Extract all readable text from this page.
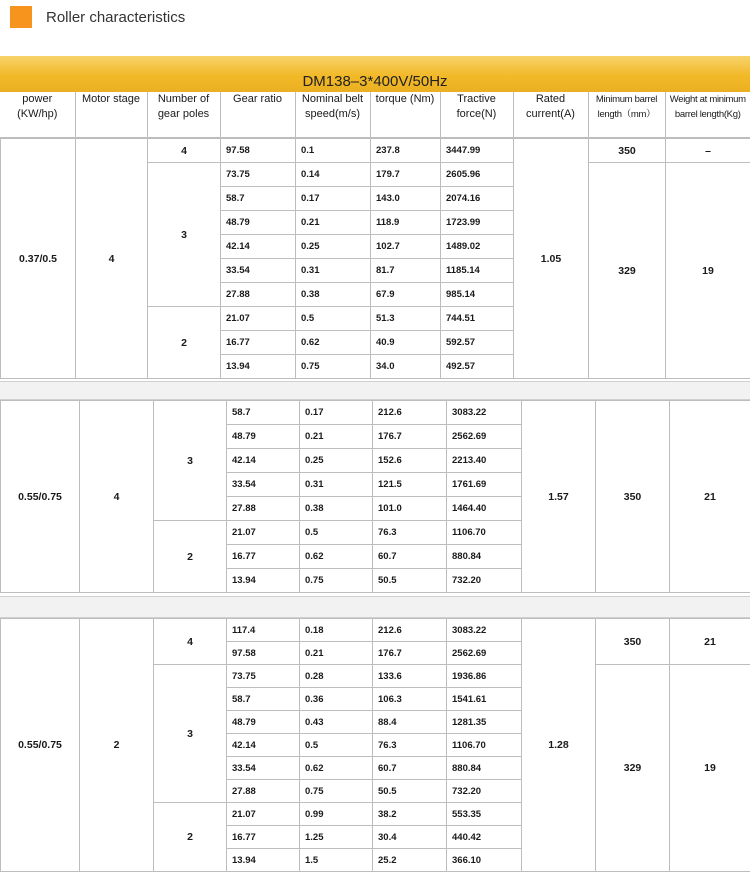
Roller characteristics
DM138–3*400V/50Hz
power (KW/hp)	Motor stage	Number of gear poles	Gear ratio	Nominal belt speed(m/s)	torque (Nm)	Tractive force(N)	Rated current(A)	Minimum barrel length（mm）	Weight at minimum barrel length(Kg)
0.37/0.5	4	4	97.58	0.1	237.8	3447.99	1.05	350	–
		3	73.75	0.14	179.7	2605.96		329	19
			58.7	0.17	143.0	2074.16			
			48.79	0.21	118.9	1723.99			
			42.14	0.25	102.7	1489.02			
			33.54	0.31	81.7	1185.14			
			27.88	0.38	67.9	985.14			
		2	21.07	0.5	51.3	744.51			
			16.77	0.62	40.9	592.57			
			13.94	0.75	34.0	492.57			
0.55/0.75	4	3	58.7	0.17	212.6	3083.22	1.57	350	21
			48.79	0.21	176.7	2562.69			
			42.14	0.25	152.6	2213.40			
			33.54	0.31	121.5	1761.69			
			27.88	0.38	101.0	1464.40			
		2	21.07	0.5	76.3	1106.70			
			16.77	0.62	60.7	880.84			
			13.94	0.75	50.5	732.20			
0.55/0.75	2	4	117.4	0.18	212.6	3083.22	1.28	350	21
			97.58	0.21	176.7	2562.69			
		3	73.75	0.28	133.6	1936.86		329	19
			58.7	0.36	106.3	1541.61			
			48.79	0.43	88.4	1281.35			
			42.14	0.5	76.3	1106.70			
			33.54	0.62	60.7	880.84			
			27.88	0.75	50.5	732.20			
		2	21.07	0.99	38.2	553.35			
			16.77	1.25	30.4	440.42			
			13.94	1.5	25.2	366.10			
